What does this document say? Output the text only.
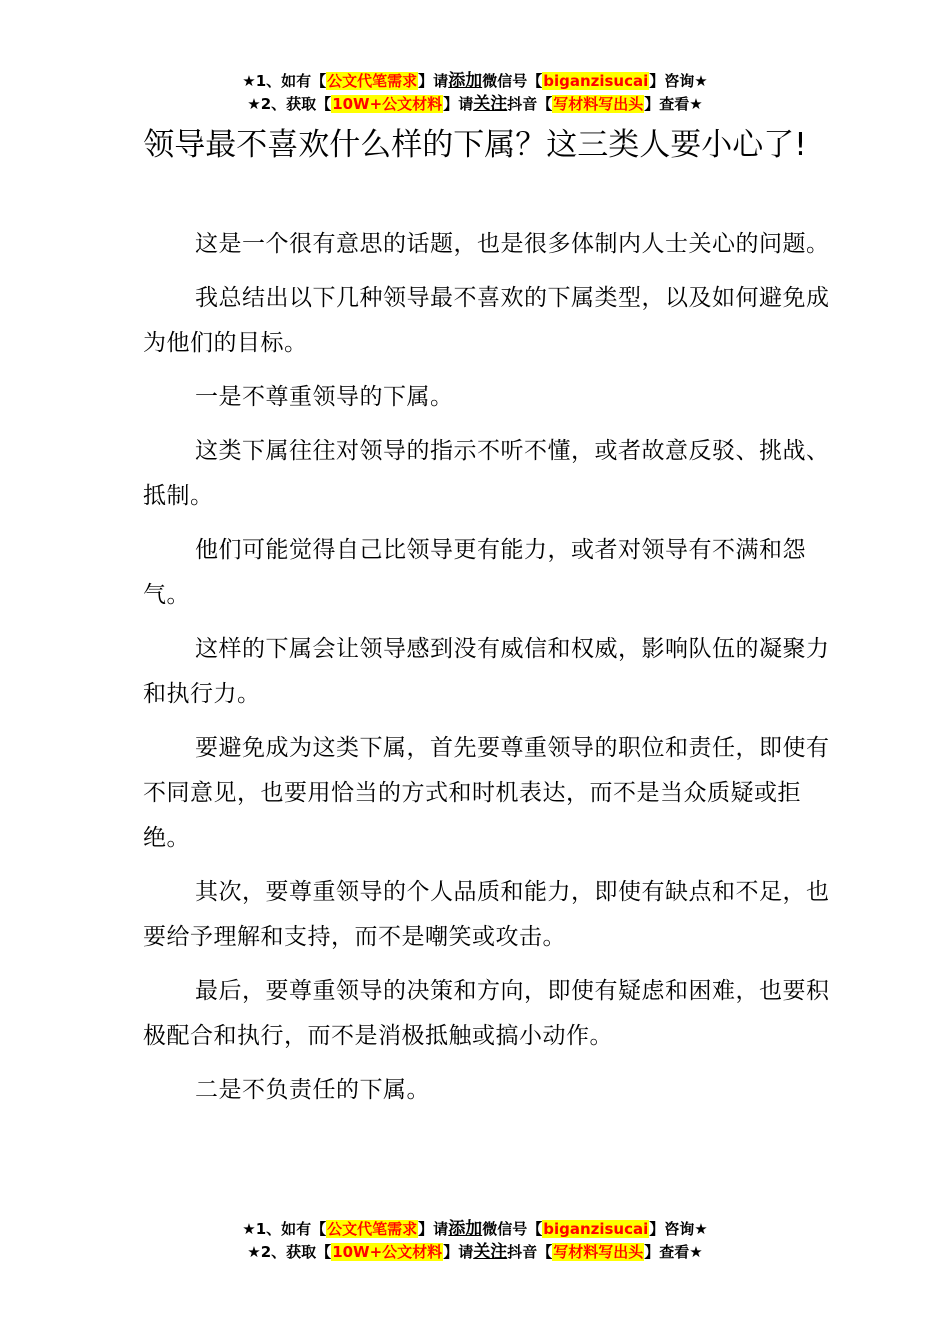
★1、如有【公文代笔需求】请添加微信号【biganzisucai】咨询★
★2、获取【10W+公文材料】请关注抖音【写材料写出头】查看★
领导最不喜欢什么样的下属？这三类人要小心了!

这是一个很有意思的话题，也是很多体制内人士关心的问题。

我总结出以下几种领导最不喜欢的下属类型，以及如何避免成为他们的目标。

一是不尊重领导的下属。

这类下属往往对领导的指示不听不懂，或者故意反驳、挑战、抵制。

他们可能觉得自己比领导更有能力，或者对领导有不满和怨气。

这样的下属会让领导感到没有威信和权威，影响队伍的凝聚力和执行力。

要避免成为这类下属，首先要尊重领导的职位和责任，即使有不同意见，也要用恰当的方式和时机表达，而不是当众质疑或拒绝。

其次，要尊重领导的个人品质和能力，即使有缺点和不足，也要给予理解和支持，而不是嘲笑或攻击。

最后，要尊重领导的决策和方向，即使有疑虑和困难，也要积极配合和执行，而不是消极抵触或搞小动作。

二是不负责任的下属。

★1、如有【公文代笔需求】请添加微信号【biganzisucai】咨询★
★2、获取【10W+公文材料】请关注抖音【写材料写出头】查看★
